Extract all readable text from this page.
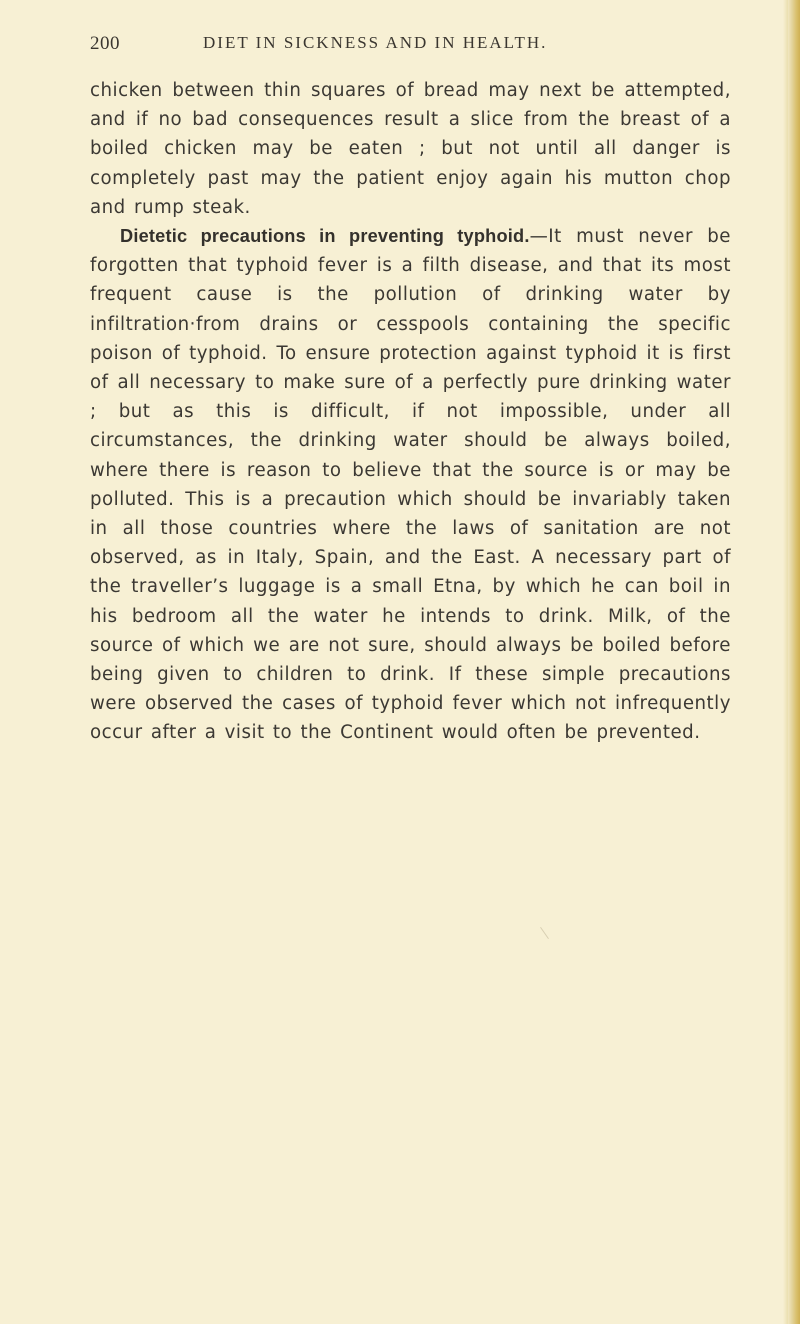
200	DIET IN SICKNESS AND IN HEALTH.

chicken between thin squares of bread may next be attempted, and if no bad consequences result a slice from the breast of a boiled chicken may be eaten ; but not until all danger is completely past may the patient enjoy again his mutton chop and rump steak.

Dietetic precautions in preventing typhoid.—It must never be forgotten that typhoid fever is a filth disease, and that its most frequent cause is the pollution of drinking water by infiltration·from drains or cesspools containing the specific poison of typhoid. To ensure protection against typhoid it is first of all necessary to make sure of a perfectly pure drinking water ; but as this is difficult, if not impossible, under all circumstances, the drinking water should be always boiled, where there is reason to believe that the source is or may be polluted. This is a precaution which should be invariably taken in all those countries where the laws of sanitation are not observed, as in Italy, Spain, and the East. A necessary part of the traveller’s luggage is a small Etna, by which he can boil in his bedroom all the water he intends to drink. Milk, of the source of which we are not sure, should always be boiled before being given to children to drink. If these simple precautions were observed the cases of typhoid fever which not infrequently occur after a visit to the Continent would often be prevented.
